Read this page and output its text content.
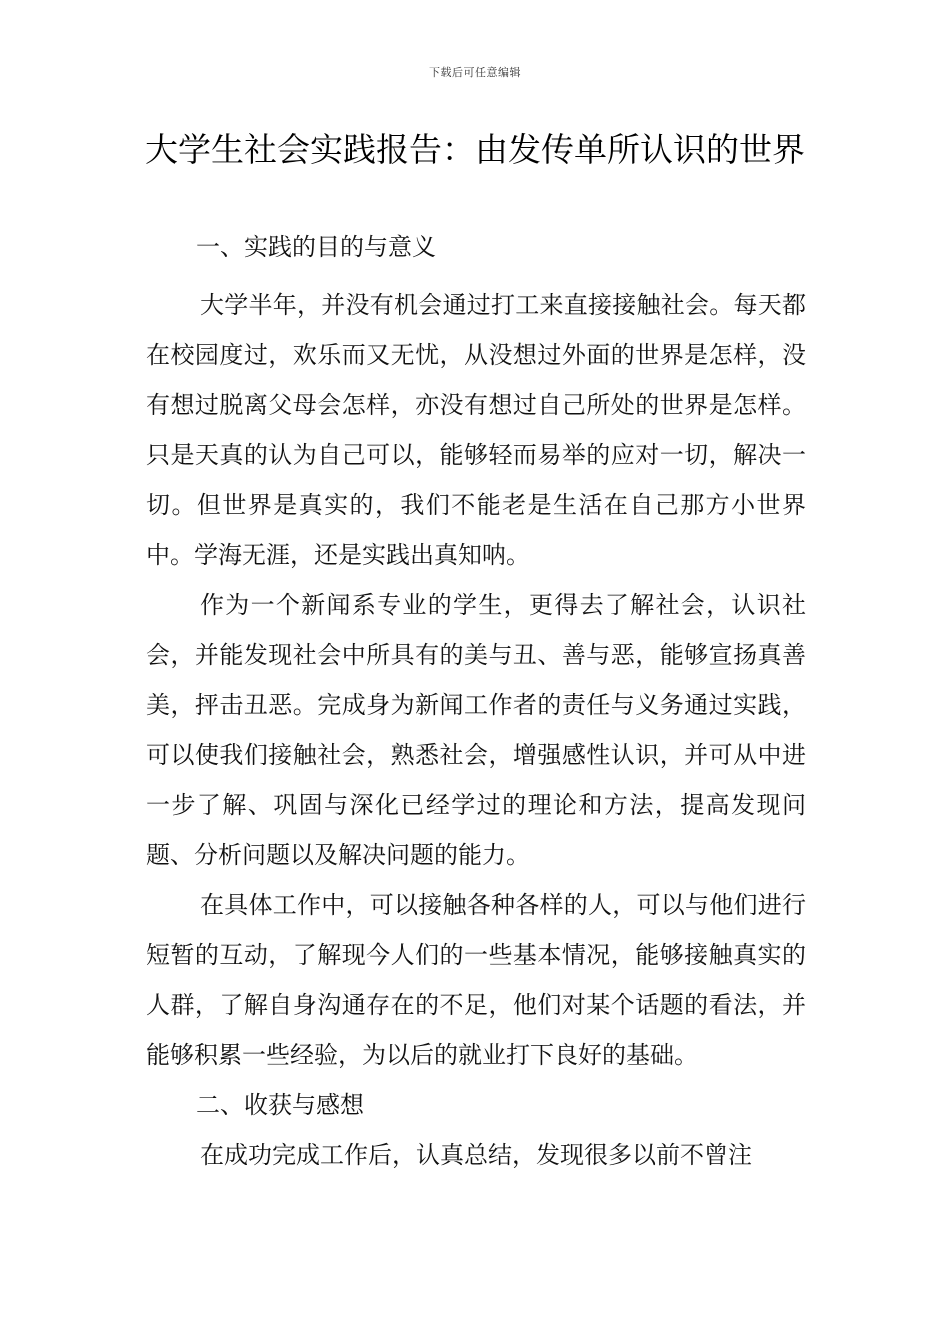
下载后可任意编辑
大学生社会实践报告：由发传单所认识的世界

一、实践的目的与意义

大学半年，并没有机会通过打工来直接接触社会。每天都在校园度过，欢乐而又无忧，从没想过外面的世界是怎样，没有想过脱离父母会怎样，亦没有想过自己所处的世界是怎样。只是天真的认为自己可以，能够轻而易举的应对一切，解决一切。但世界是真实的，我们不能老是生活在自己那方小世界中。学海无涯，还是实践出真知呐。

作为一个新闻系专业的学生，更得去了解社会，认识社会，并能发现社会中所具有的美与丑、善与恶，能够宣扬真善美，抨击丑恶。完成身为新闻工作者的责任与义务通过实践，可以使我们接触社会，熟悉社会，增强感性认识，并可从中进一步了解、巩固与深化已经学过的理论和方法，提高发现问题、分析问题以及解决问题的能力。

在具体工作中，可以接触各种各样的人，可以与他们进行短暂的互动，了解现今人们的一些基本情况，能够接触真实的人群，了解自身沟通存在的不足，他们对某个话题的看法，并能够积累一些经验，为以后的就业打下良好的基础。

二、收获与感想

在成功完成工作后，认真总结，发现很多以前不曾注
